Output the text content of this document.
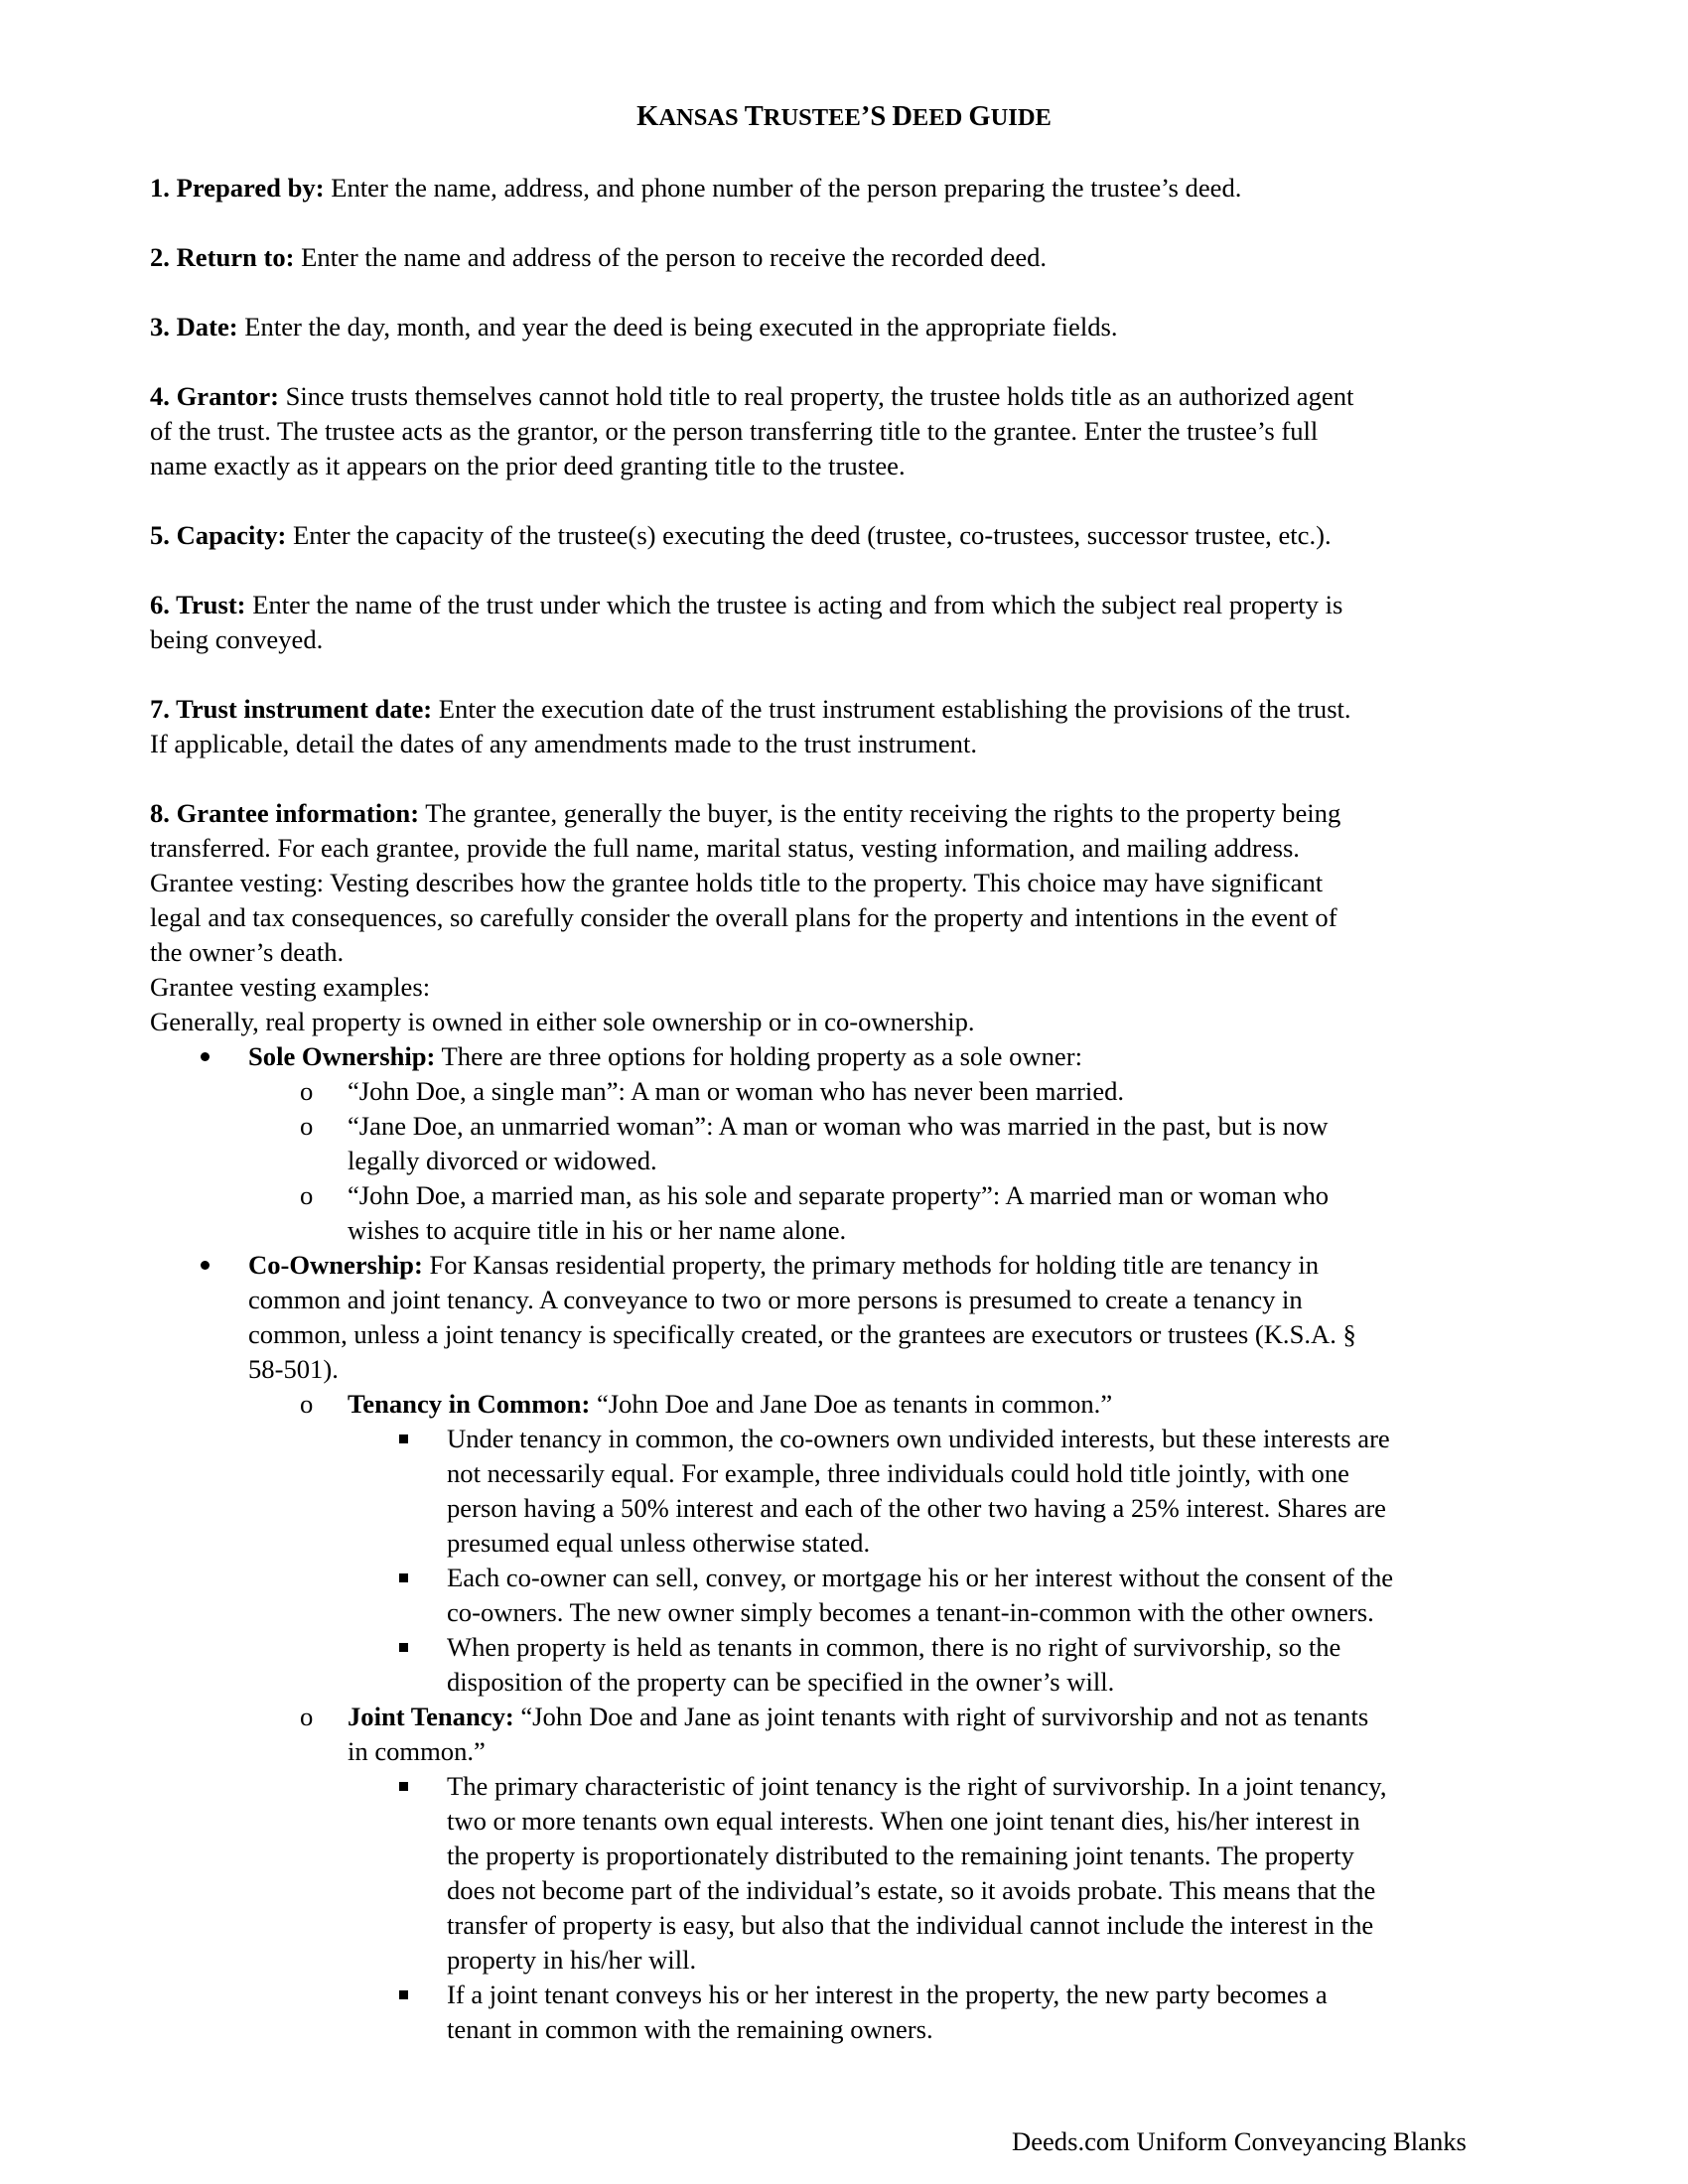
KANSAS TRUSTEE’S DEED GUIDE

1. Prepared by: Enter the name, address, and phone number of the person preparing the trustee’s deed.

2. Return to: Enter the name and address of the person to receive the recorded deed.

3. Date: Enter the day, month, and year the deed is being executed in the appropriate fields.

4. Grantor: Since trusts themselves cannot hold title to real property, the trustee holds title as an authorized agent

of the trust. The trustee acts as the grantor, or the person transferring title to the grantee. Enter the trustee’s full

name exactly as it appears on the prior deed granting title to the trustee.

5. Capacity: Enter the capacity of the trustee(s) executing the deed (trustee, co-trustees, successor trustee, etc.).

6. Trust: Enter the name of the trust under which the trustee is acting and from which the subject real property is

being conveyed.

7. Trust instrument date: Enter the execution date of the trust instrument establishing the provisions of the trust.

If applicable, detail the dates of any amendments made to the trust instrument.

8. Grantee information: The grantee, generally the buyer, is the entity receiving the rights to the property being

transferred. For each grantee, provide the full name, marital status, vesting information, and mailing address.

Grantee vesting: Vesting describes how the grantee holds title to the property. This choice may have significant

legal and tax consequences, so carefully consider the overall plans for the property and intentions in the event of

the owner’s death.

Grantee vesting examples:

Generally, real property is owned in either sole ownership or in co-ownership.

Sole Ownership: There are three options for holding property as a sole owner:

o “John Doe, a single man”: A man or woman who has never been married.

o “Jane Doe, an unmarried woman”: A man or woman who was married in the past, but is now

legally divorced or widowed.

o “John Doe, a married man, as his sole and separate property”: A married man or woman who

wishes to acquire title in his or her name alone.

Co-Ownership: For Kansas residential property, the primary methods for holding title are tenancy in

common and joint tenancy. A conveyance to two or more persons is presumed to create a tenancy in

common, unless a joint tenancy is specifically created, or the grantees are executors or trustees (K.S.A. §

58-501).

o Tenancy in Common: “John Doe and Jane Doe as tenants in common.”

Under tenancy in common, the co-owners own undivided interests, but these interests are

not necessarily equal. For example, three individuals could hold title jointly, with one

person having a 50% interest and each of the other two having a 25% interest. Shares are

presumed equal unless otherwise stated.

Each co-owner can sell, convey, or mortgage his or her interest without the consent of the

co-owners. The new owner simply becomes a tenant-in-common with the other owners.

When property is held as tenants in common, there is no right of survivorship, so the

disposition of the property can be specified in the owner’s will.

o Joint Tenancy: “John Doe and Jane as joint tenants with right of survivorship and not as tenants

in common.”

The primary characteristic of joint tenancy is the right of survivorship. In a joint tenancy,

two or more tenants own equal interests. When one joint tenant dies, his/her interest in

the property is proportionately distributed to the remaining joint tenants. The property

does not become part of the individual’s estate, so it avoids probate. This means that the

transfer of property is easy, but also that the individual cannot include the interest in the

property in his/her will.

If a joint tenant conveys his or her interest in the property, the new party becomes a

tenant in common with the remaining owners.

Deeds.com Uniform Conveyancing Blanks
